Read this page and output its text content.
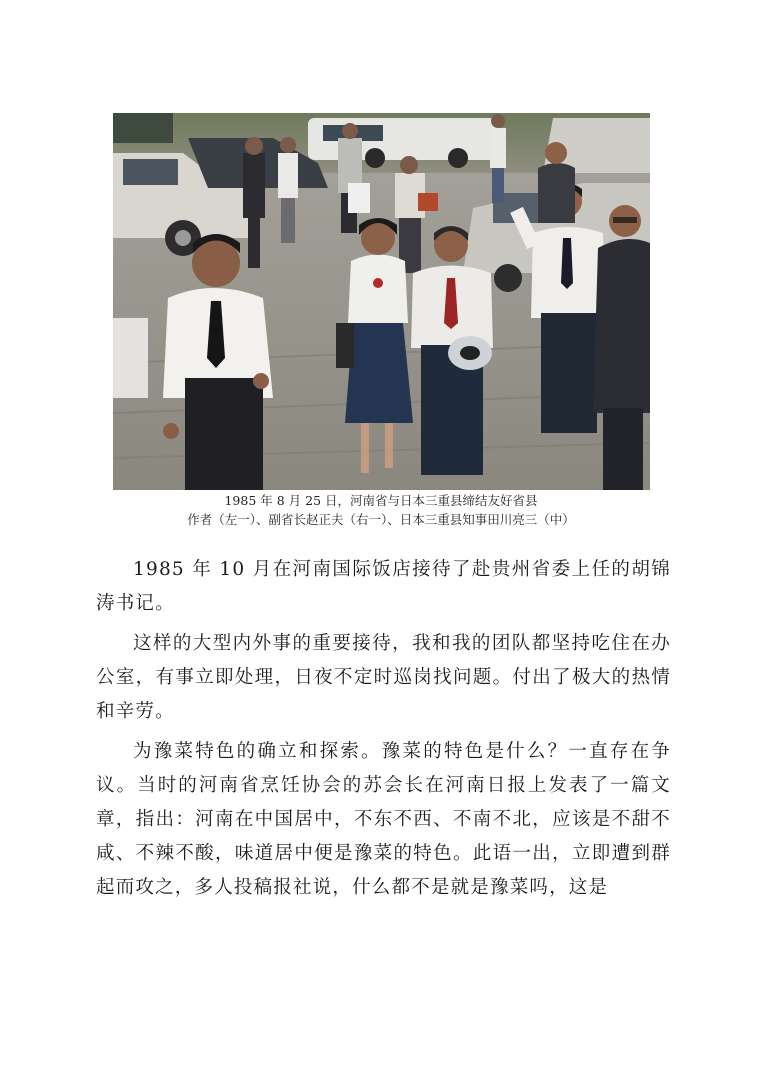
1985 年 8 月 25 日，河南省与日本三重县缔结友好省县
作者（左一）、副省长赵正夫（右一）、日本三重县知事田川亮三（中）

1985 年 10 月在河南国际饭店接待了赴贵州省委上任的胡锦涛书记。

这样的大型内外事的重要接待，我和我的团队都坚持吃住在办公室，有事立即处理，日夜不定时巡岗找问题。付出了极大的热情和辛劳。

为豫菜特色的确立和探索。豫菜的特色是什么？一直存在争议。当时的河南省烹饪协会的苏会长在河南日报上发表了一篇文章，指出：河南在中国居中，不东不西、不南不北，应该是不甜不咸、不辣不酸，味道居中便是豫菜的特色。此语一出，立即遭到群起而攻之，多人投稿报社说，什么都不是就是豫菜吗，这是
